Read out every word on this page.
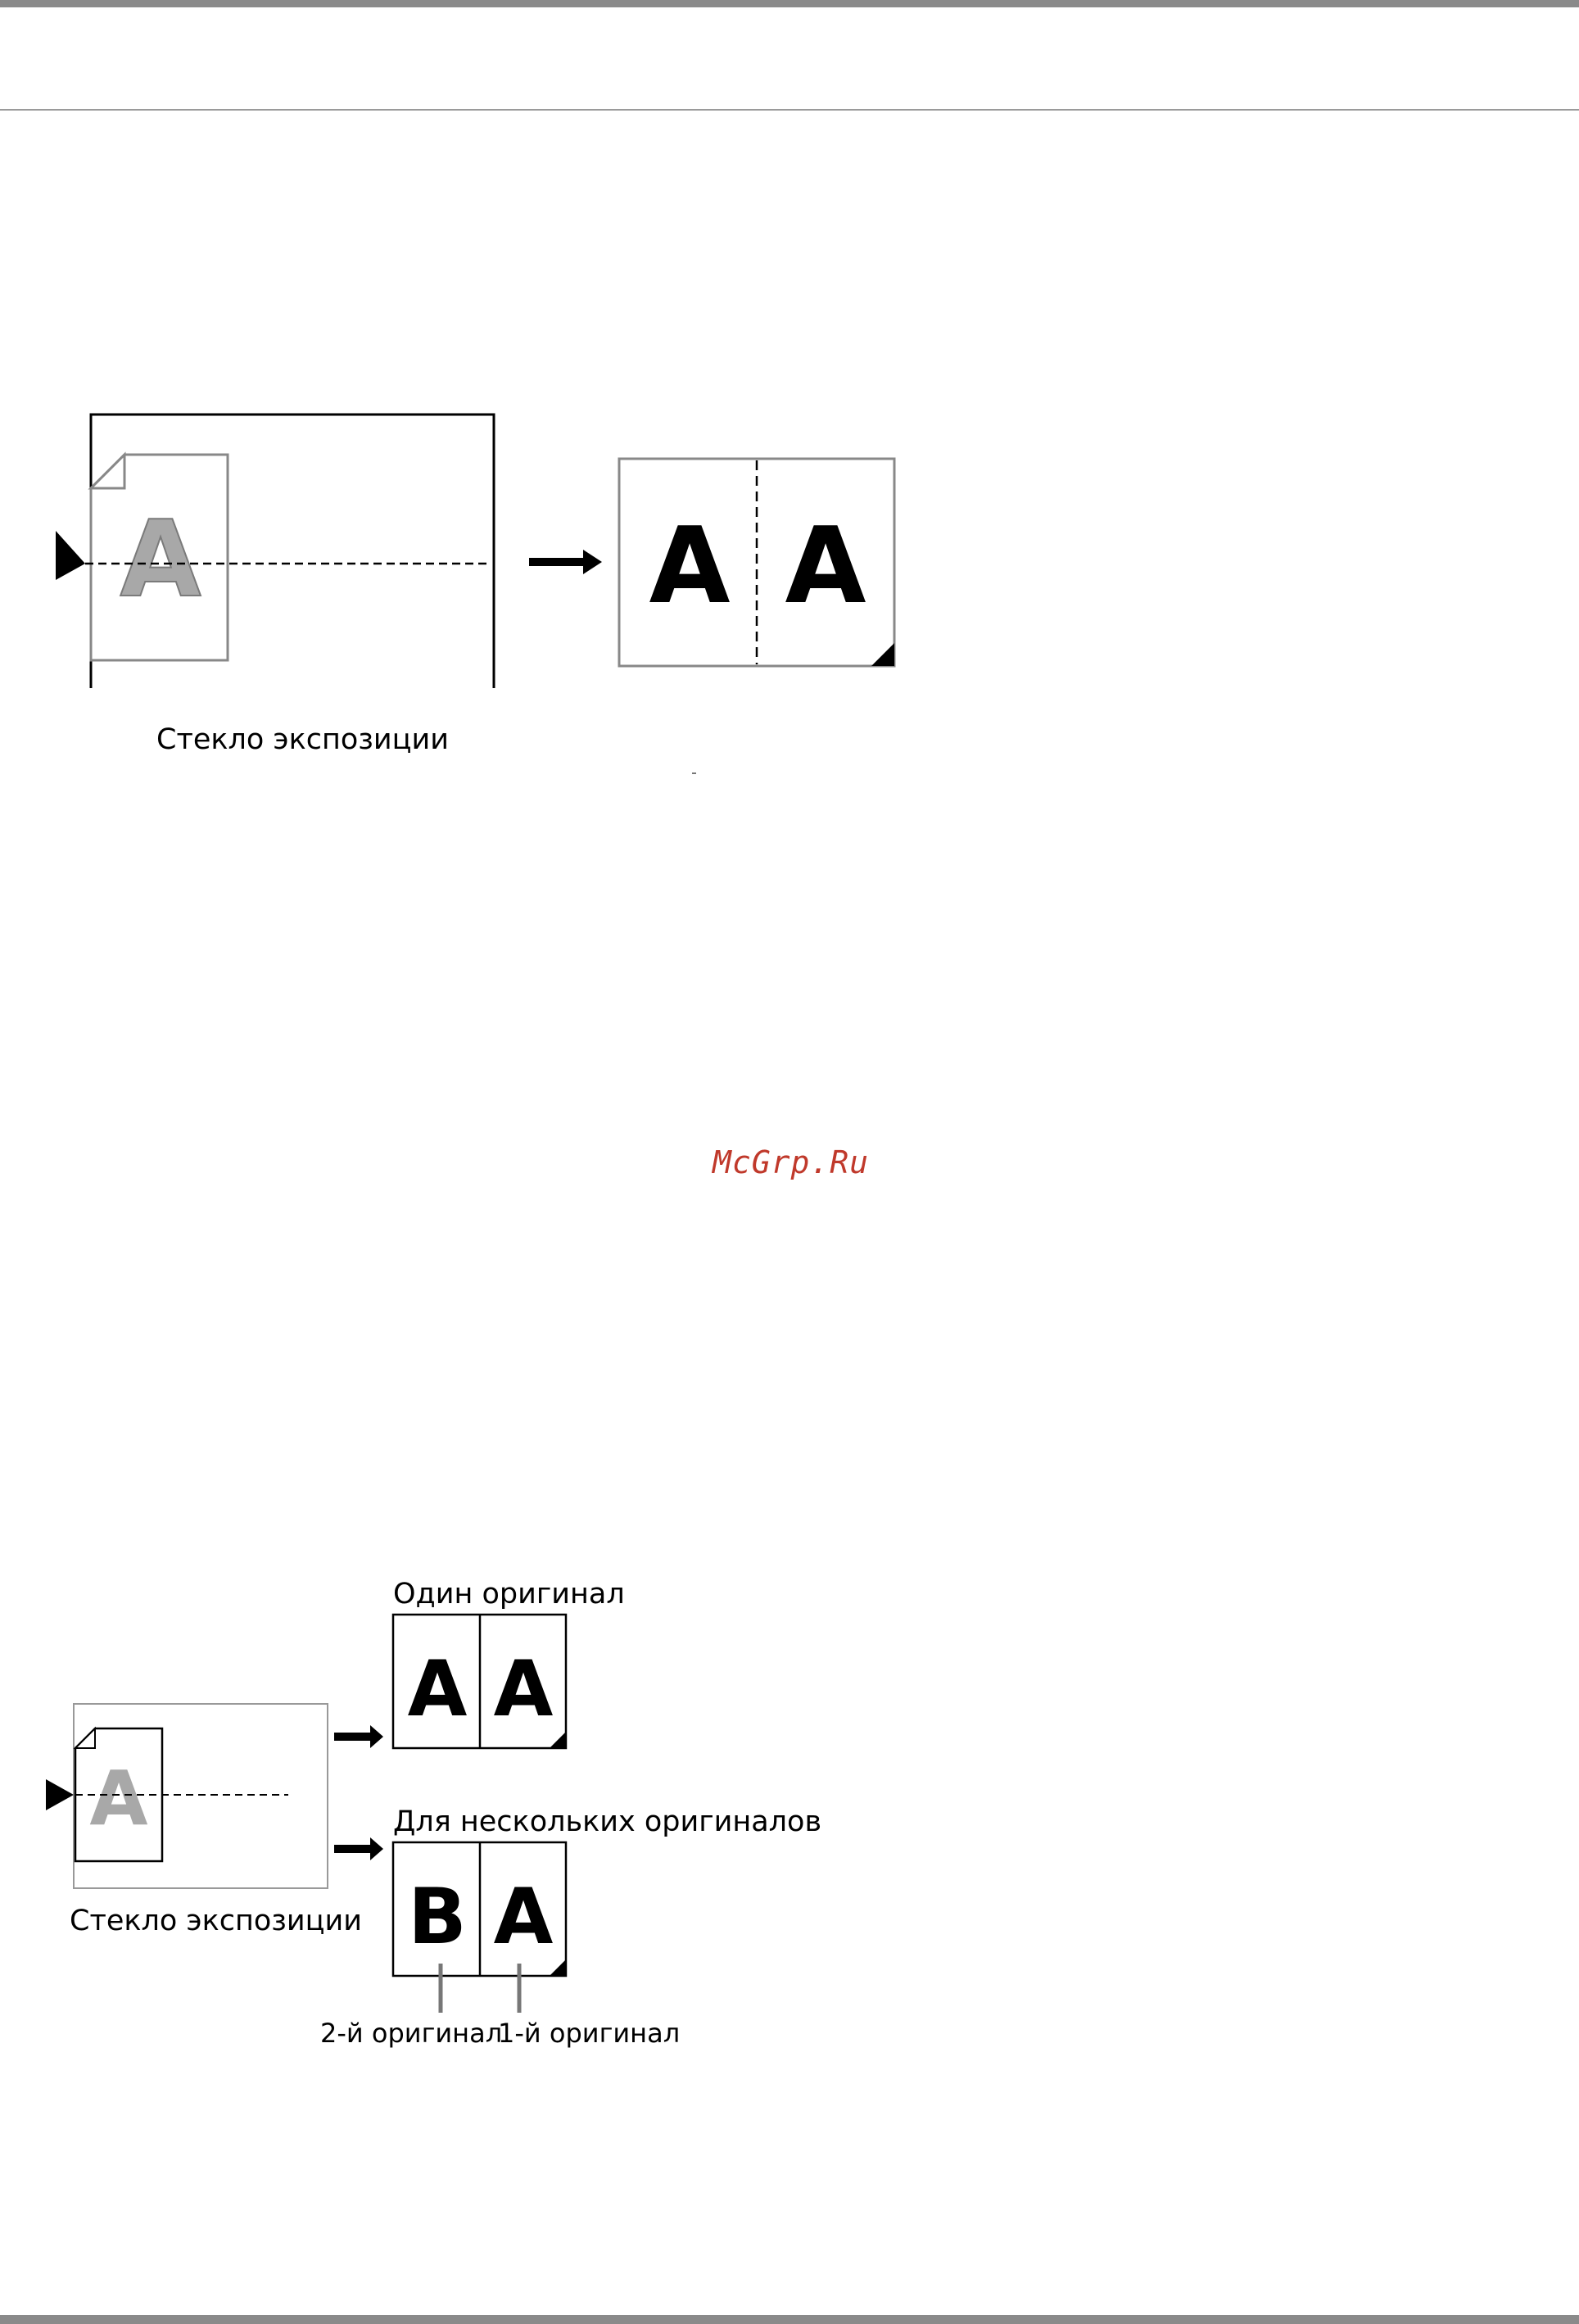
A	A A
Стекло экспозиции
McGrp.Ru
Один оригинал
Для нескольких оригиналов
A
A A
B A
Стекло экспозиции
2-й оригинал
1-й оригинал
